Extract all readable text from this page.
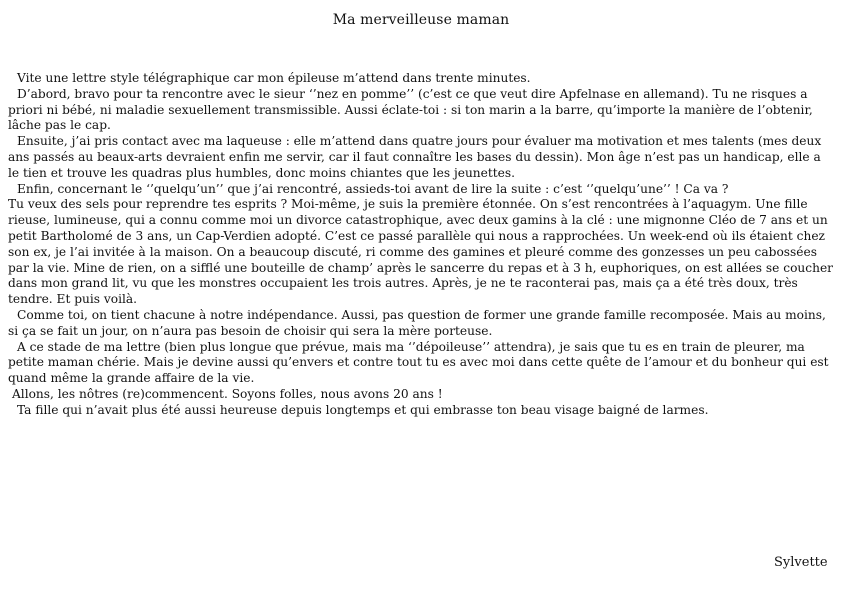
Ma merveilleuse maman

Vite une lettre style télégraphique car mon épileuse m’attend dans trente minutes.

D’abord, bravo pour ta rencontre avec le sieur ‘’nez en pomme’’ (c’est ce que veut dire Apfelnase en allemand). Tu ne risques a priori ni bébé, ni maladie sexuellement transmissible. Aussi éclate-toi : si ton marin a la barre, qu’importe la manière de l’obtenir, lâche pas le cap.

Ensuite, j’ai pris contact avec ma laqueuse : elle m’attend dans quatre jours pour évaluer ma motivation et mes talents (mes deux ans passés au beaux-arts devraient enfin me servir, car il faut connaître les bases du dessin). Mon âge n’est pas un handicap, elle a le tien et trouve les quadras plus humbles, donc moins chiantes que les jeunettes.

Enfin, concernant le ‘’quelqu’un’’ que j’ai rencontré, assieds-toi avant de lire la suite : c’est ‘’quelqu’une’’ ! Ca va ?

Tu veux des sels pour reprendre tes esprits ? Moi-même, je suis la première étonnée. On s’est rencontrées à l’aquagym. Une fille rieuse, lumineuse, qui a connu comme moi un divorce catastrophique, avec deux gamins à la clé : une mignonne Cléo de 7 ans et un petit Bartholomé de 3 ans, un Cap-Verdien adopté. C’est ce passé parallèle qui nous a rapprochées. Un week-end où ils étaient chez son ex, je l’ai invitée à la maison. On a beaucoup discuté, ri comme des gamines et pleuré comme des gonzesses un peu cabossées par la vie. Mine de rien, on a sifflé une bouteille de champ’ après le sancerre du repas et à 3 h, euphoriques, on est allées se coucher dans mon grand lit, vu que les monstres occupaient les trois autres. Après, je ne te raconterai pas, mais ça a été très doux, très tendre. Et puis voilà.

Comme toi, on tient chacune à notre indépendance. Aussi, pas question de former une grande famille recomposée. Mais au moins, si ça se fait un jour, on n’aura pas besoin de choisir qui sera la mère porteuse.

A ce stade de ma lettre (bien plus longue que prévue, mais ma ‘’dépoileuse’’ attendra), je sais que tu es en train de pleurer, ma petite maman chérie. Mais je devine aussi qu’envers et contre tout tu es avec moi dans cette quête de l’amour et du bonheur qui est quand même la grande affaire de la vie.

Allons, les nôtres (re)commencent. Soyons folles, nous avons 20 ans !

Ta fille qui n’avait plus été aussi heureuse depuis longtemps et qui embrasse ton beau visage baigné de larmes.

Sylvette
